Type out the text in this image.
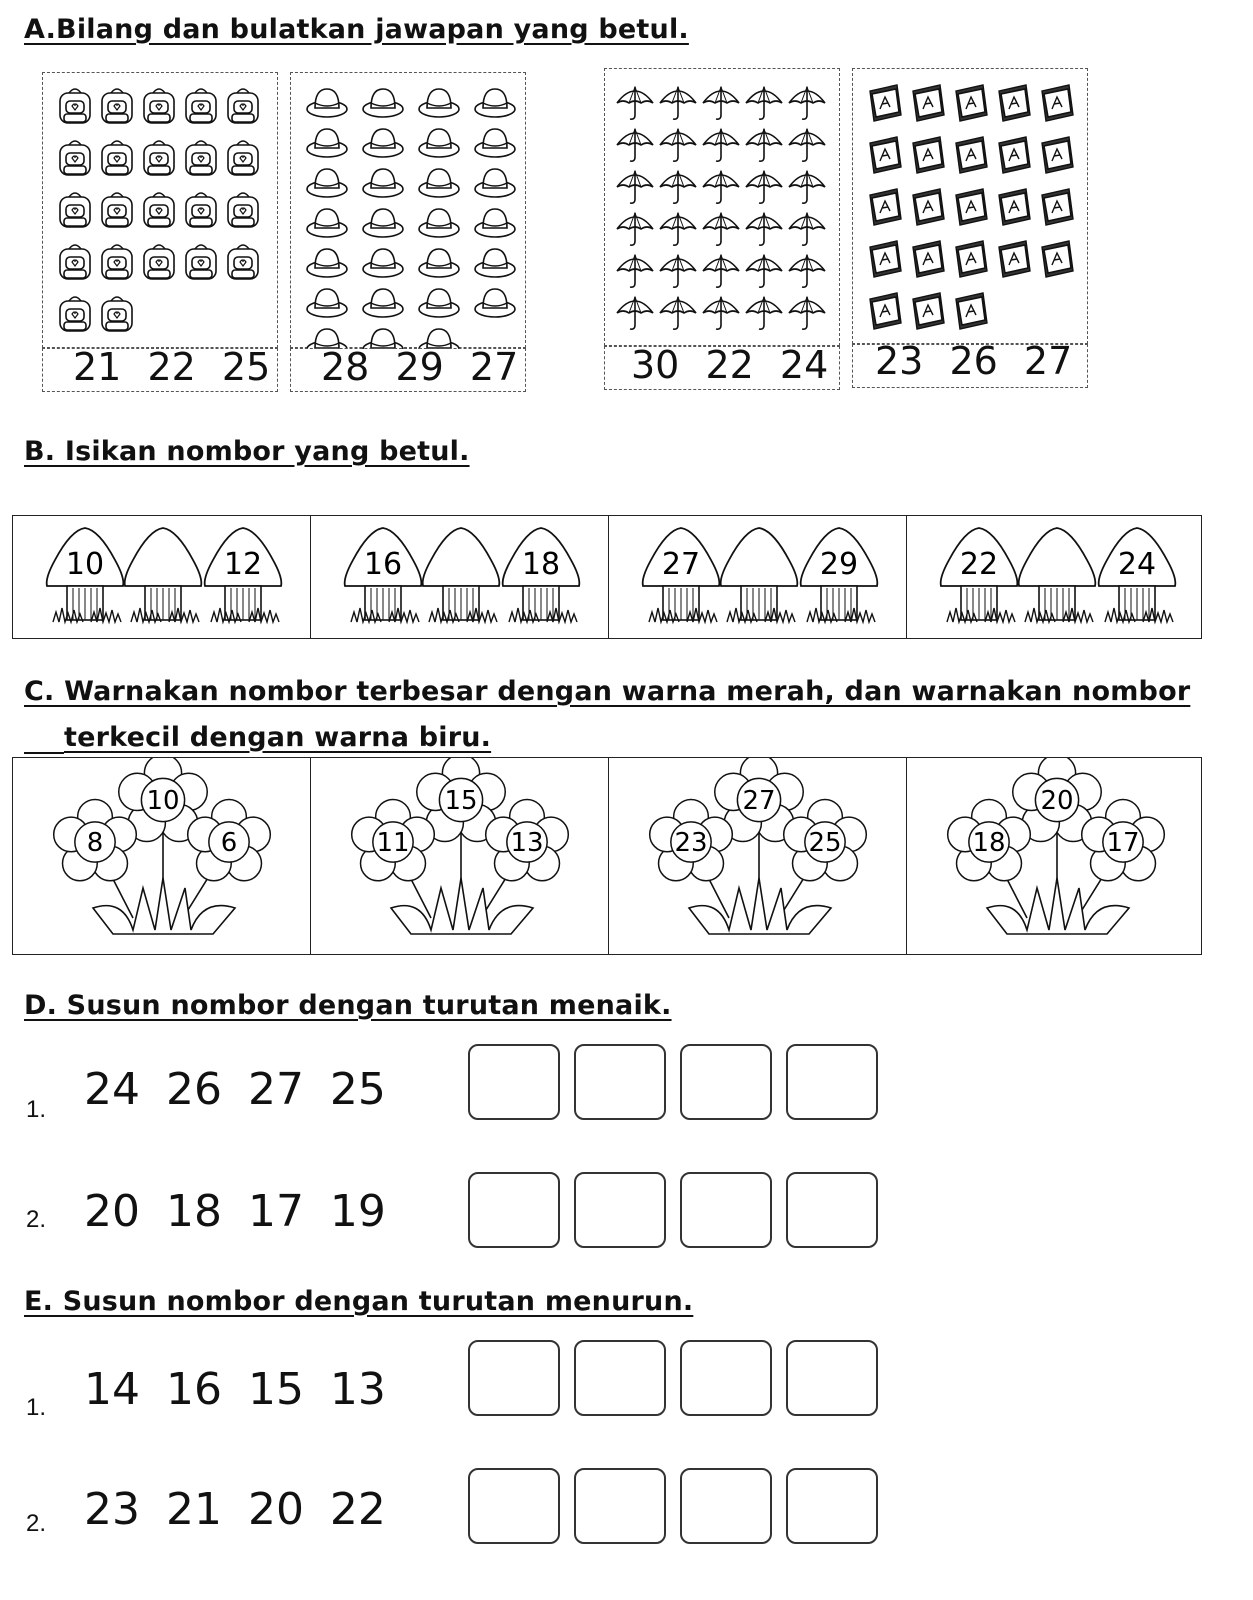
A.Bilang dan bulatkan jawapan yang betul.
21 22 25 28 29 27	30 22 24 23 26 27
B. Isikan nombor yang betul.
10	12	16	18	27	29	22	24
C. Warnakan nombor terbesar dengan warna merah, dan warnakan nombor
terkecil dengan warna biru.
10
8	6
15
11	13
27
23	25
20
18	17
D. Susun nombor dengan turutan menaik.
1. 24 26 27 25
2. 20 18 17 19
E. Susun nombor dengan turutan menurun.
1. 14 16 15 13
2. 23 21 20 22
